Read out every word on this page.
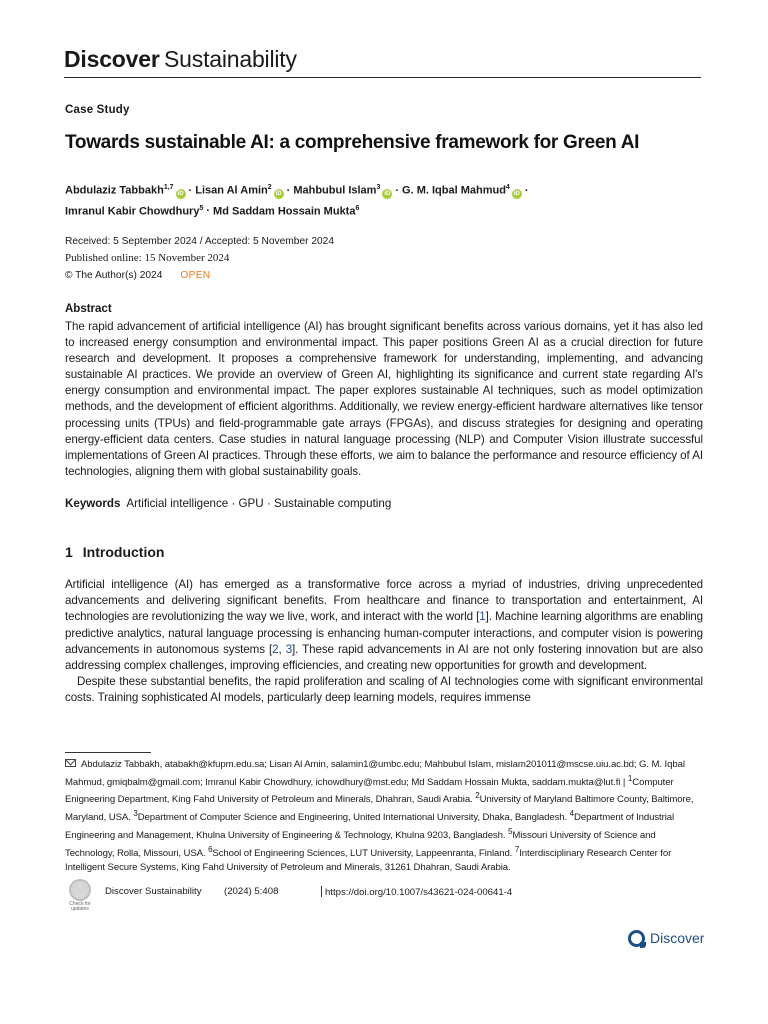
Discover Sustainability
Case Study
Towards sustainable AI: a comprehensive framework for Green AI
Abdulaziz Tabbakh$^{1,7}$iD · Lisan Al Amin$^2$iD · Mahbubul Islam$^3$iD · G. M. Iqbal Mahmud$^4$iD ·
Imranul Kabir Chowdhury$^5$ · Md Saddam Hossain Mukta$^6$
Received: 5 September 2024 / Accepted: 5 November 2024
Published online: 15 November 2024
© The Author(s) 2024 OPEN
Abstract
The rapid advancement of artificial intelligence (AI) has brought significant benefits across various domains, yet it has also led to increased energy consumption and environmental impact. This paper positions Green AI as a crucial direction for future research and development. It proposes a comprehensive framework for understanding, implementing, and advancing sustainable AI practices. We provide an overview of Green AI, highlighting its significance and current state regarding AI's energy consumption and environmental impact. The paper explores sustainable AI techniques, such as model optimization methods, and the development of efficient algorithms. Additionally, we review energy-efficient hardware alternatives like tensor processing units (TPUs) and field-programmable gate arrays (FPGAs), and discuss strategies for designing and operating energy-efficient data centers. Case studies in natural language processing (NLP) and Computer Vision illustrate successful implementations of Green AI practices. Through these efforts, we aim to balance the performance and resource efficiency of AI technologies, aligning them with global sustainability goals.
Keywords Artificial intelligence · GPU · Sustainable computing
1 Introduction

Artificial intelligence (AI) has emerged as a transformative force across a myriad of industries, driving unprecedented advancements and delivering significant benefits. From healthcare and finance to transportation and entertainment, AI technologies are revolutionizing the way we live, work, and interact with the world [1]. Machine learning algorithms are enabling predictive analytics, natural language processing is enhancing human-computer interactions, and computer vision is powering advancements in autonomous systems [2, 3]. These rapid advancements in AI are not only fostering innovation but are also addressing complex challenges, improving efficiencies, and creating new opportunities for growth and development.

Despite these substantial benefits, the rapid proliferation and scaling of AI technologies come with significant environmental costs. Training sophisticated AI models, particularly deep learning models, requires immense

Abdulaziz Tabbakh, atabakh@kfupm.edu.sa; Lisan Al Amin, salamin1@umbc.edu; Mahbubul Islam, mislam201011@mscse.uiu.ac.bd; G. M. Iqbal Mahmud, gmiqbalm@gmail.com; Imranul Kabir Chowdhury, ichowdhury@mst.edu; Md Saddam Hossain Mukta, saddam.mukta@lut.fi | $^1$Computer Enigneering Department, King Fahd University of Petroleum and Minerals, Dhahran, Saudi Arabia. $^2$University of Maryland Baltimore County, Baltimore, Maryland, USA. $^3$Department of Computer Science and Engineering, United International University, Dhaka, Bangladesh. $^4$Department of Industrial Engineering and Management, Khulna University of Engineering & Technology, Khulna 9203, Bangladesh. $^5$Missouri University of Science and Technology, Rolla, Missouri, USA. $^6$School of Engineering Sciences, LUT University, Lappeenranta, Finland. $^7$Interdisciplinary Research Center for Intelligent Secure Systems, King Fahd University of Petroleum and Minerals, 31261 Dhahran, Saudi Arabia.
Check for updates
Discover Sustainability (2024) 5:408	https://doi.org/10.1007/s43621-024-00641-4
Discover
